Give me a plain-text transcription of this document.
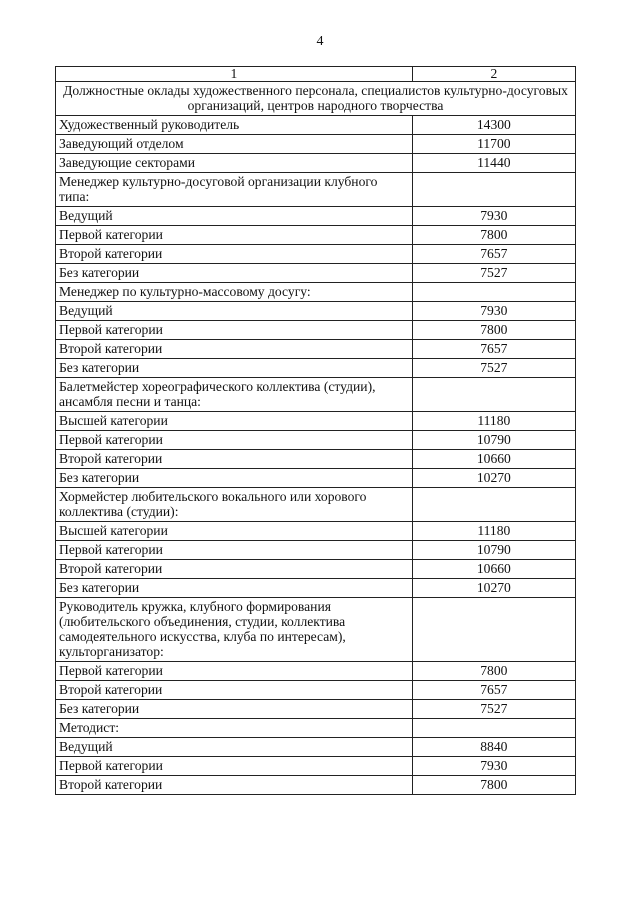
4
1	2
Должностные оклады художественного персонала, специалистов культурно-досуговых организаций, центров народного творчества	
Художественный руководитель	14300
Заведующий отделом	11700
Заведующие секторами	11440
Менеджер культурно-досуговой организации клубного типа:	
Ведущий	7930
Первой категории	7800
Второй категории	7657
Без категории	7527
Менеджер по культурно-массовому досугу:	
Ведущий	7930
Первой категории	7800
Второй категории	7657
Без категории	7527
Балетмейстер хореографического коллектива (студии), ансамбля песни и танца:	
Высшей категории	11180
Первой категории	10790
Второй категории	10660
Без категории	10270
Хормейстер любительского вокального или хорового коллектива (студии):	
Высшей категории	11180
Первой категории	10790
Второй категории	10660
Без категории	10270
Руководитель кружка, клубного формирования (любительского объединения, студии, коллектива самодеятельного искусства, клуба по интересам), культорганизатор:	
Первой категории	7800
Второй категории	7657
Без категории	7527
Методист:	
Ведущий	8840
Первой категории	7930
Второй категории	7800
